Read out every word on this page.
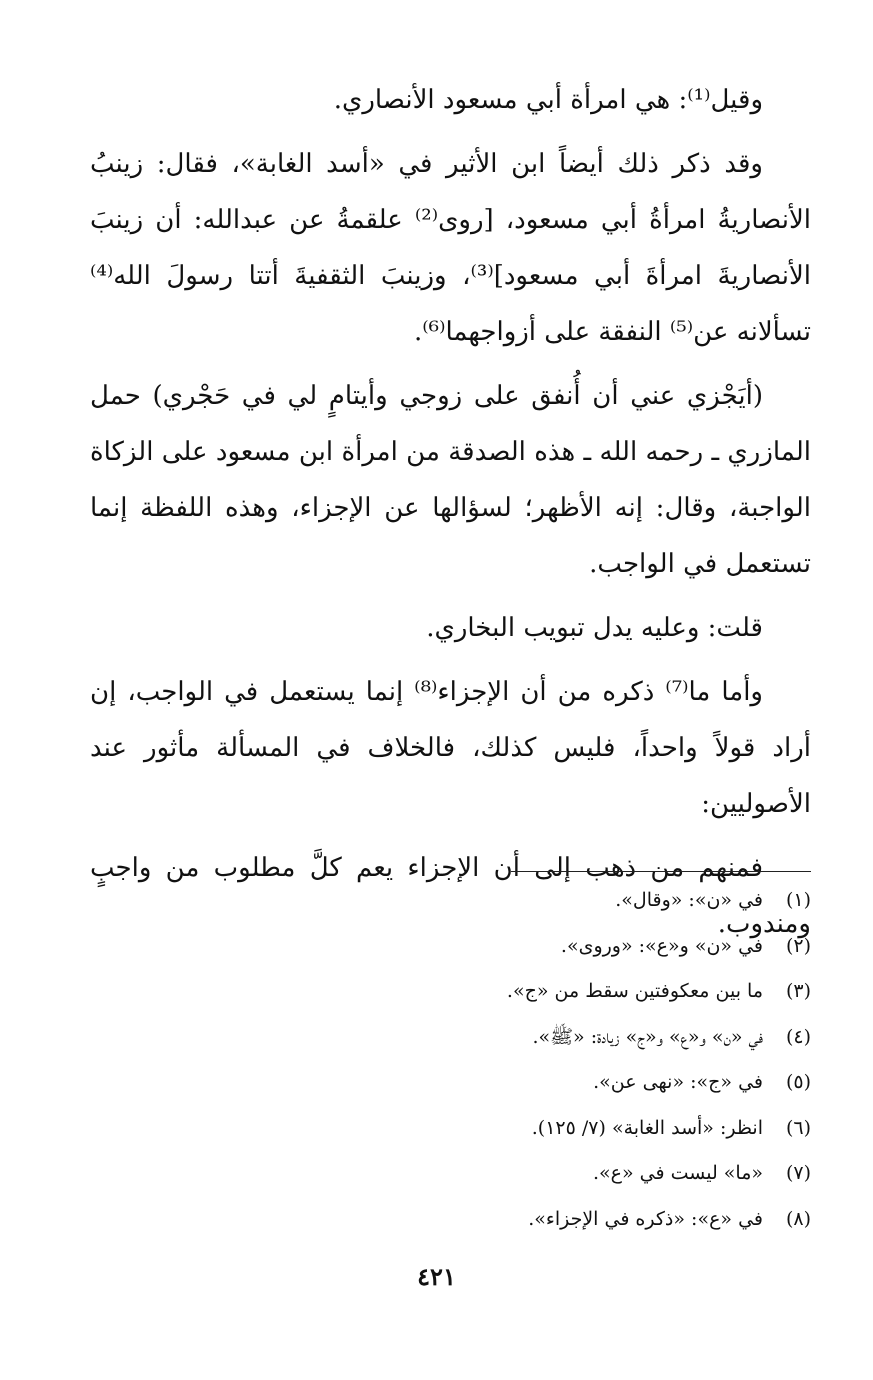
وقيل⁽¹⁾: هي امرأة أبي مسعود الأنصاري.

وقد ذكر ذلك أيضاً ابن الأثير في «أسد الغابة»، فقال: زينبُ الأنصاريةُ امرأةُ أبي مسعود، [روى⁽²⁾ علقمةُ عن عبدالله: أن زينبَ الأنصاريةَ امرأةَ أبي مسعود]⁽³⁾، وزينبَ الثقفيةَ أتتا رسولَ الله⁽⁴⁾ تسألانه عن⁽⁵⁾ النفقة على أزواجهما⁽⁶⁾.

(أيَجْزي عني أن أُنفق على زوجي وأيتامٍ لي في حَجْري) حمل المازري ـ رحمه الله ـ هذه الصدقة من امرأة ابن مسعود على الزكاة الواجبة، وقال: إنه الأظهر؛ لسؤالها عن الإجزاء، وهذه اللفظة إنما تستعمل في الواجب.

قلت: وعليه يدل تبويب البخاري.

وأما ما⁽⁷⁾ ذكره من أن الإجزاء⁽⁸⁾ إنما يستعمل في الواجب، إن أراد قولاً واحداً، فليس كذلك، فالخلاف في المسألة مأثور عند الأصوليين:

فمنهم من ذهب إلى أن الإجزاء يعم كلَّ مطلوب من واجبٍ ومندوب.

(١)
في «ن»: «وقال».
(٢)
في «ن» و«ع»: «وروى».
(٣)
ما بين معكوفتين سقط من «ج».
(٤)
في «ن» و«ع» و«ج» زيادة: «ﷺ».
(٥)
في «ج»: «نهى عن».
(٦)
انظر: «أسد الغابة» (٧/ ١٢٥).
(٧)
«ما» ليست في «ع».
(٨)
في «ع»: «ذكره في الإجزاء».
٤٢١
